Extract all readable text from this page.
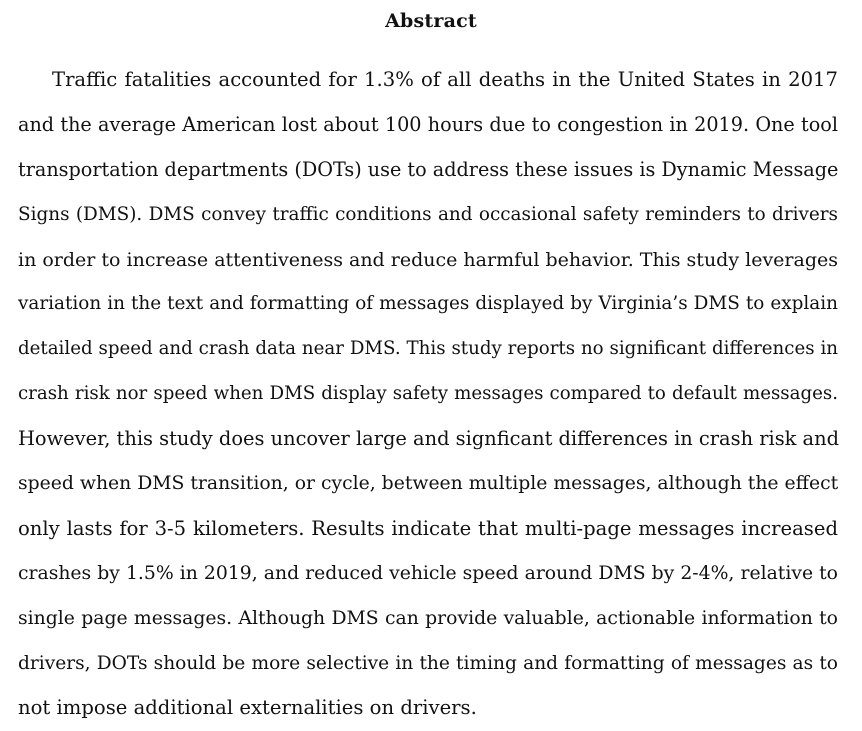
Abstract
Traffic fatalities accounted for 1.3% of all deaths in the United States in 2017
and the average American lost about 100 hours due to congestion in 2019. One tool
transportation departments (DOTs) use to address these issues is Dynamic Message
Signs (DMS). DMS convey traffic conditions and occasional safety reminders to drivers
in order to increase attentiveness and reduce harmful behavior. This study leverages
variation in the text and formatting of messages displayed by Virginia’s DMS to explain
detailed speed and crash data near DMS. This study reports no significant differences in
crash risk nor speed when DMS display safety messages compared to default messages.
However, this study does uncover large and signficant differences in crash risk and
speed when DMS transition, or cycle, between multiple messages, although the effect
only lasts for 3-5 kilometers. Results indicate that multi-page messages increased
crashes by 1.5% in 2019, and reduced vehicle speed around DMS by 2-4%, relative to
single page messages. Although DMS can provide valuable, actionable information to
drivers, DOTs should be more selective in the timing and formatting of messages as to
not impose additional externalities on drivers.
